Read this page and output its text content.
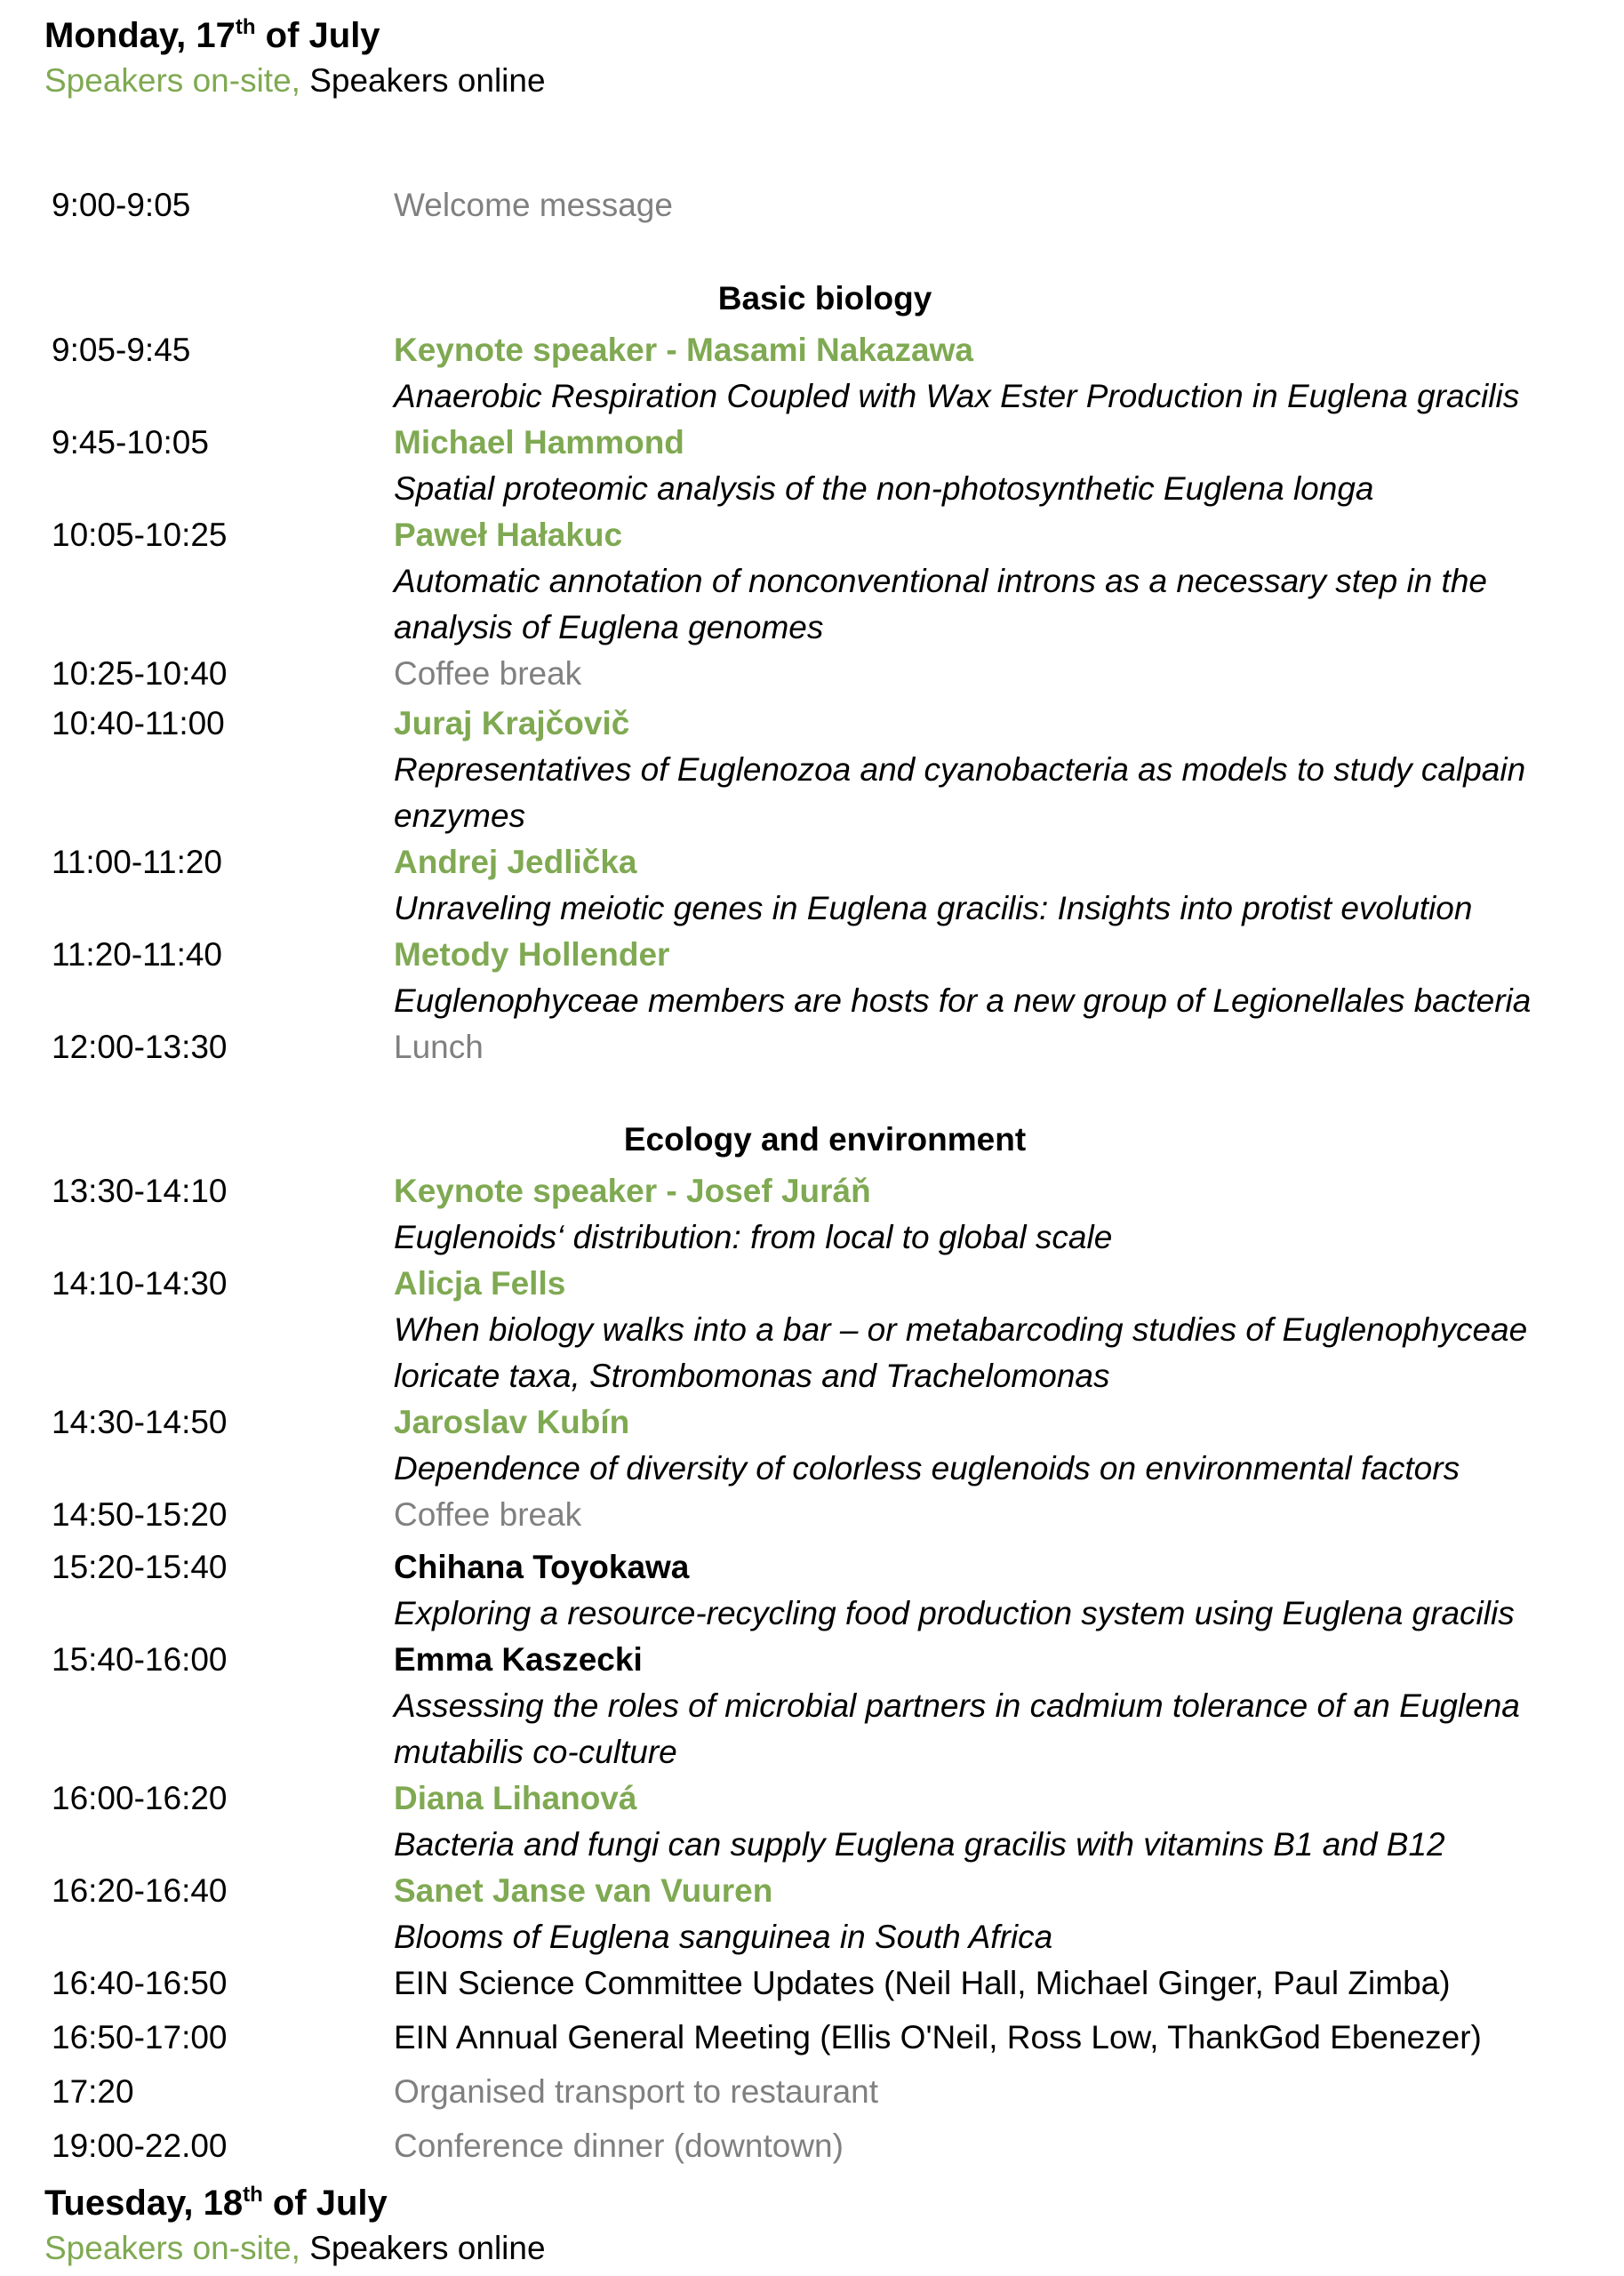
Monday, 17th of July
Speakers on-site, Speakers online
9:00-9:05	Welcome message
Basic biology
9:05-9:45	Keynote speaker - Masami Nakazawa
Anaerobic Respiration Coupled with Wax Ester Production in Euglena gracilis
9:45-10:05	Michael Hammond
Spatial proteomic analysis of the non-photosynthetic Euglena longa
10:05-10:25	Paweł Hałakuc
Automatic annotation of nonconventional introns as a necessary step in the analysis of Euglena genomes
10:25-10:40	Coffee break
10:40-11:00	Juraj Krajčovič
Representatives of Euglenozoa and cyanobacteria as models to study calpain enzymes
11:00-11:20	Andrej Jedlička
Unraveling meiotic genes in Euglena gracilis: Insights into protist evolution
11:20-11:40	Metody Hollender
Euglenophyceae members are hosts for a new group of Legionellales bacteria
12:00-13:30	Lunch
Ecology and environment
13:30-14:10	Keynote speaker - Josef Juráň
Euglenoids‘ distribution: from local to global scale
14:10-14:30	Alicja Fells
When biology walks into a bar – or metabarcoding studies of Euglenophyceae loricate taxa, Strombomonas and Trachelomonas
14:30-14:50	Jaroslav Kubín
Dependence of diversity of colorless euglenoids on environmental factors
14:50-15:20	Coffee break
15:20-15:40	Chihana Toyokawa
Exploring a resource-recycling food production system using Euglena gracilis
15:40-16:00	Emma Kaszecki
Assessing the roles of microbial partners in cadmium tolerance of an Euglena mutabilis co-culture
16:00-16:20	Diana Lihanová
Bacteria and fungi can supply Euglena gracilis with vitamins B1 and B12
16:20-16:40	Sanet Janse van Vuuren
Blooms of Euglena sanguinea in South Africa
16:40-16:50	EIN Science Committee Updates (Neil Hall, Michael Ginger, Paul Zimba)
16:50-17:00	EIN Annual General Meeting (Ellis O'Neil, Ross Low, ThankGod Ebenezer)
17:20	Organised transport to restaurant
19:00-22.00	Conference dinner (downtown)
Tuesday, 18th of July
Speakers on-site, Speakers online
